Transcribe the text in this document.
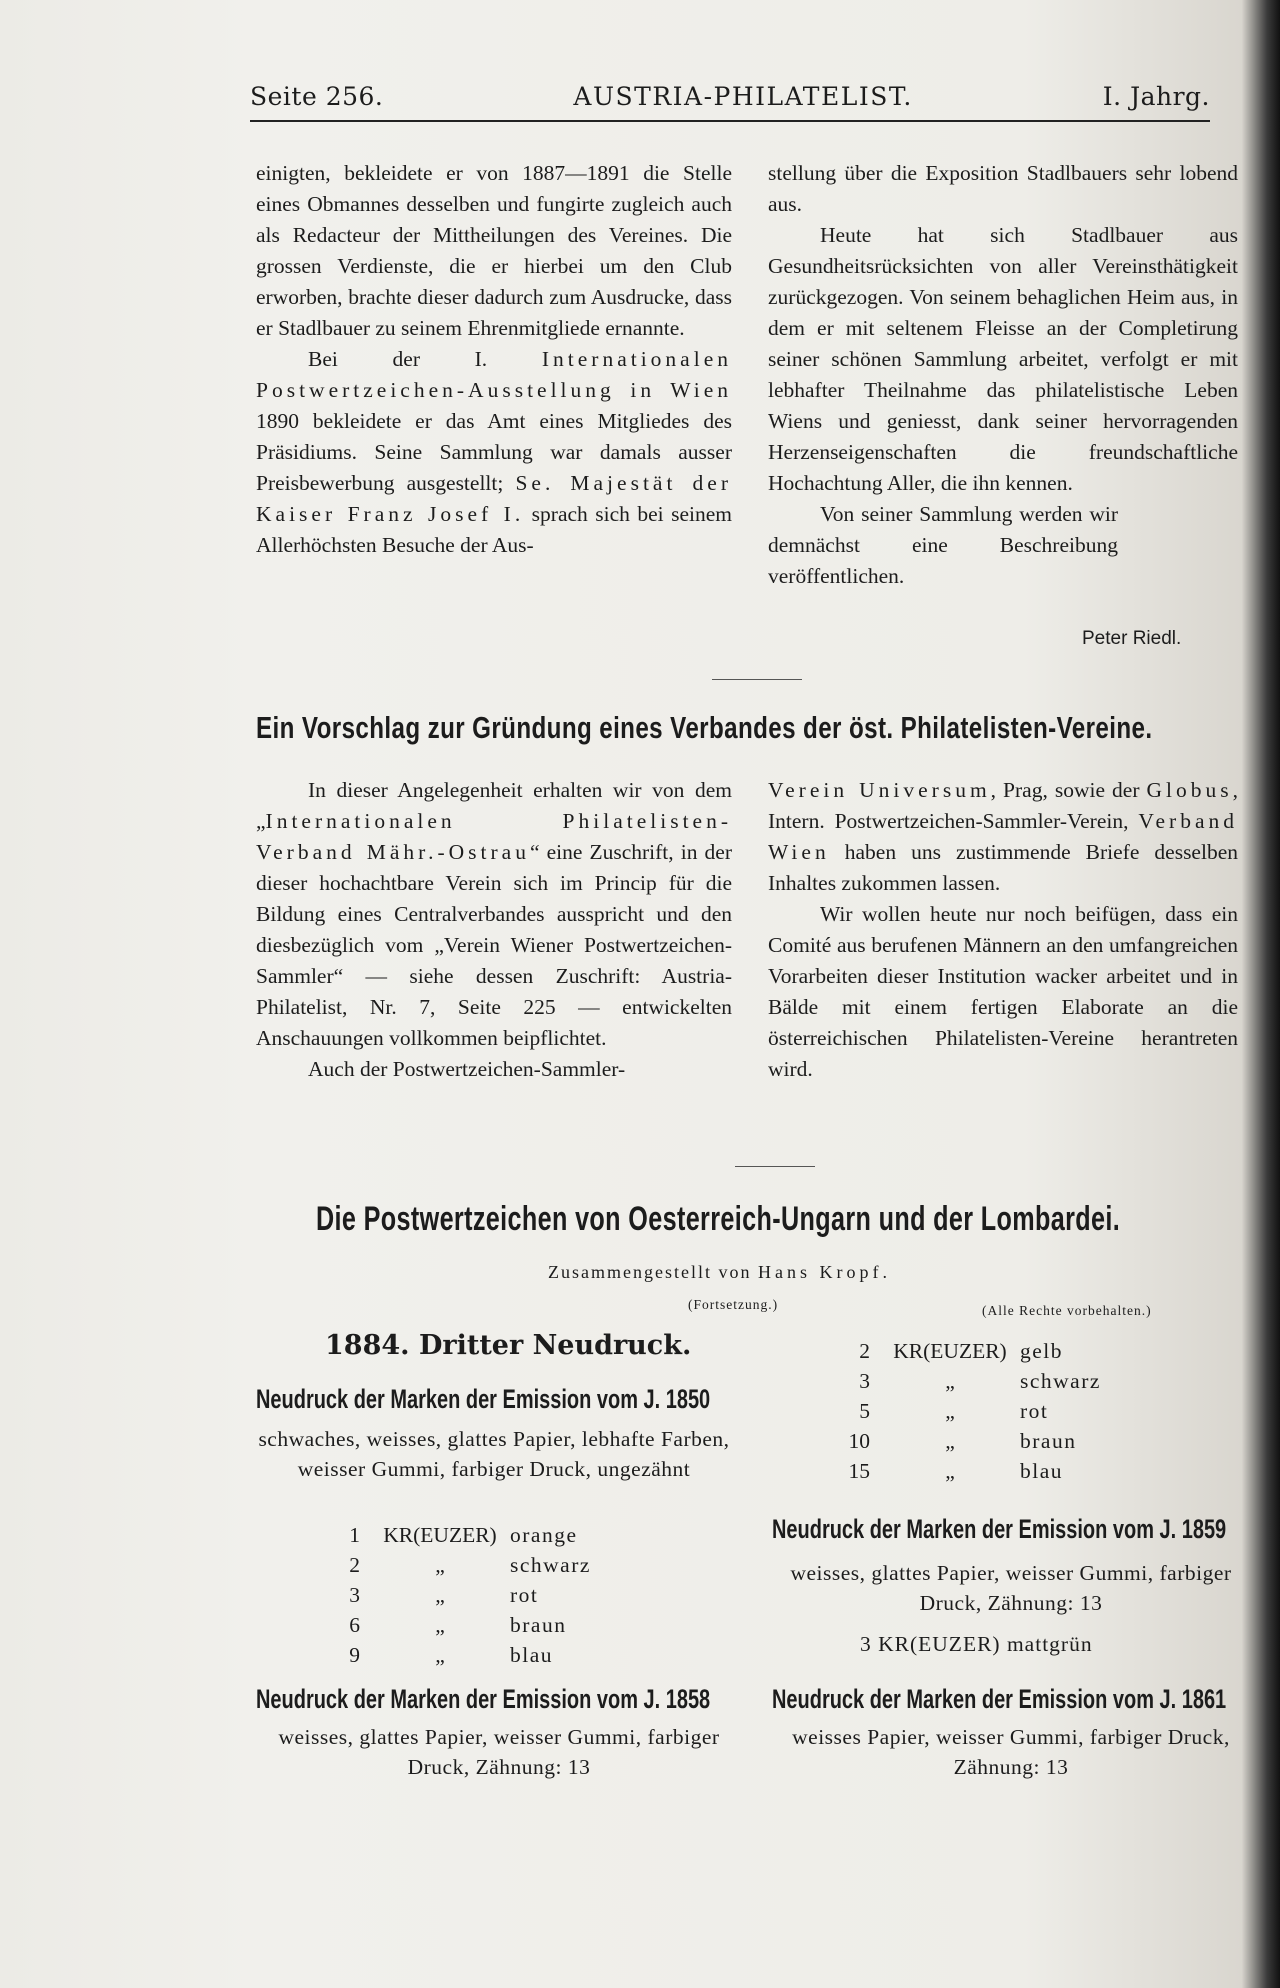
Seite 256.	AUSTRIA-PHILATELIST.	I. Jahrg.

einigten, bekleidete er von 1887—1891 die Stelle eines Obmannes desselben und fungirte zugleich auch als Redacteur der Mittheilungen des Vereines. Die grossen Verdienste, die er hierbei um den Club erworben, brachte dieser dadurch zum Ausdrucke, dass er Stadlbauer zu seinem Ehrenmitgliede ernannte.

Bei der I. Internationalen Postwertzeichen-Ausstellung in Wien 1890 bekleidete er das Amt eines Mitgliedes des Präsidiums. Seine Sammlung war damals ausser Preisbewerbung ausgestellt; Se. Majestät der Kaiser Franz Josef I. sprach sich bei seinem Allerhöchsten Besuche der Aus-

stellung über die Exposition Stadlbauers sehr lobend aus.

Heute hat sich Stadlbauer aus Gesundheitsrücksichten von aller Vereinsthätigkeit zurückgezogen. Von seinem behaglichen Heim aus, in dem er mit seltenem Fleisse an der Completirung seiner schönen Sammlung arbeitet, verfolgt er mit lebhafter Theilnahme das philatelistische Leben Wiens und geniesst, dank seiner hervorragenden Herzenseigenschaften die freundschaftliche Hochachtung Aller, die ihn kennen.

Von seiner Sammlung werden wir demnächst eine Beschreibung veröffentlichen.

Peter Riedl.
Ein Vorschlag zur Gründung eines Verbandes der öst. Philatelisten-Vereine.

In dieser Angelegenheit erhalten wir von dem „Internationalen Philatelisten-Verband Mähr.-Ostrau“ eine Zuschrift, in der dieser hochachtbare Verein sich im Princip für die Bildung eines Centralverbandes ausspricht und den diesbezüglich vom „Verein Wiener Postwertzeichen-Sammler“ — siehe dessen Zuschrift: Austria-Philatelist, Nr. 7, Seite 225 — entwickelten Anschauungen vollkommen beipflichtet.

Auch der Postwertzeichen-Sammler-

Verein Universum, Prag, sowie der Globus, Intern. Postwertzeichen-Sammler-Verein, Verband Wien haben uns zustimmende Briefe desselben Inhaltes zukommen lassen.

Wir wollen heute nur noch beifügen, dass ein Comité aus berufenen Männern an den umfangreichen Vorarbeiten dieser Institution wacker arbeitet und in Bälde mit einem fertigen Elaborate an die österreichischen Philatelisten-Vereine herantreten wird.

Die Postwertzeichen von Oesterreich-Ungarn und der Lombardei.
Zusammengestellt von Hans Kropf.
(Fortsetzung.)	(Alle Rechte vorbehalten.)
1884. Dritter Neudruck.
Neudruck der Marken der Emission vom J. 1850
schwaches, weisses, glattes Papier, lebhafte Farben, weisser Gummi, farbiger Druck, ungezähnt
1	KR(EUZER) orange
2	„	schwarz
3	„	rot
6	„	braun
9	„	blau
Neudruck der Marken der Emission vom J. 1858
weisses, glattes Papier, weisser Gummi, farbiger Druck, Zähnung: 13
2	KR(EUZER) gelb
3	„	schwarz
5	„	rot
10	„	braun
15	„	blau
Neudruck der Marken der Emission vom J. 1859
weisses, glattes Papier, weisser Gummi, farbiger Druck, Zähnung: 13
3 KR(EUZER) mattgrün
Neudruck der Marken der Emission vom J. 1861
weisses Papier, weisser Gummi, farbiger Druck, Zähnung: 13
